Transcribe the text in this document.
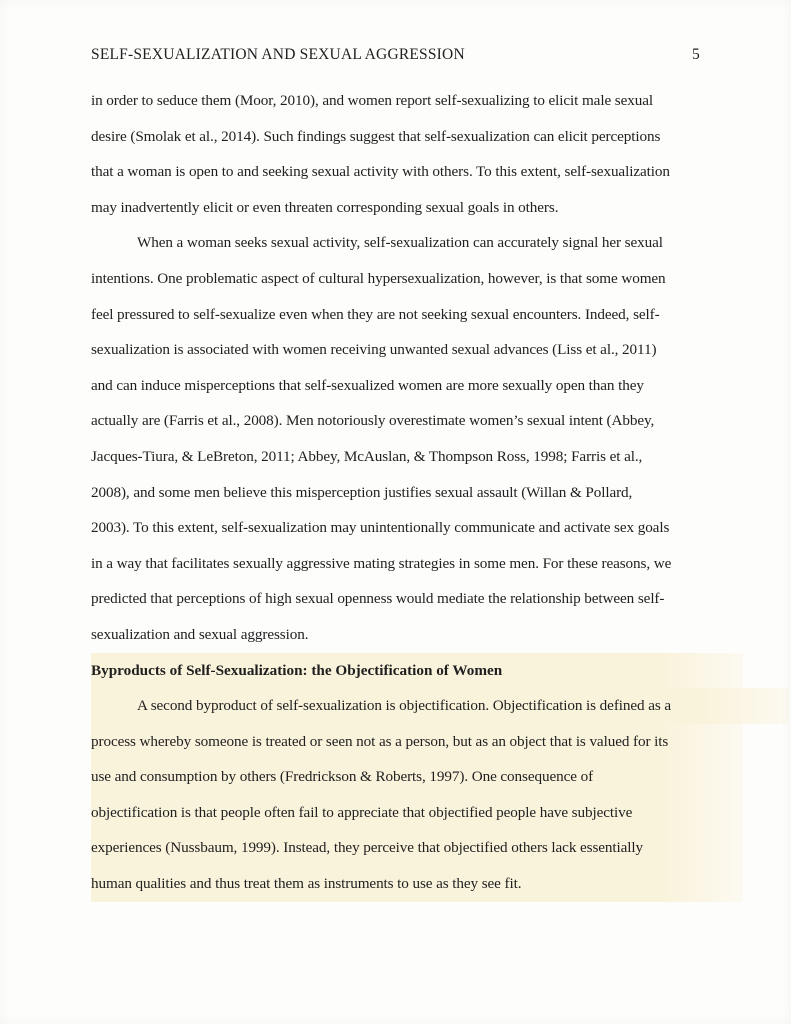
SELF-SEXUALIZATION AND SEXUAL AGGRESSION	5
in order to seduce them (Moor, 2010), and women report self-sexualizing to elicit male sexual
desire (Smolak et al., 2014). Such findings suggest that self-sexualization can elicit perceptions
that a woman is open to and seeking sexual activity with others. To this extent, self-sexualization
may inadvertently elicit or even threaten corresponding sexual goals in others.
When a woman seeks sexual activity, self-sexualization can accurately signal her sexual
intentions. One problematic aspect of cultural hypersexualization, however, is that some women
feel pressured to self-sexualize even when they are not seeking sexual encounters. Indeed, self-
sexualization is associated with women receiving unwanted sexual advances (Liss et al., 2011)
and can induce misperceptions that self-sexualized women are more sexually open than they
actually are (Farris et al., 2008). Men notoriously overestimate women’s sexual intent (Abbey,
Jacques-Tiura, & LeBreton, 2011; Abbey, McAuslan, & Thompson Ross, 1998; Farris et al.,
2008), and some men believe this misperception justifies sexual assault (Willan & Pollard,
2003). To this extent, self-sexualization may unintentionally communicate and activate sex goals
in a way that facilitates sexually aggressive mating strategies in some men. For these reasons, we
predicted that perceptions of high sexual openness would mediate the relationship between self-
sexualization and sexual aggression.
Byproducts of Self-Sexualization: the Objectification of Women
A second byproduct of self-sexualization is objectification. Objectification is defined as a
process whereby someone is treated or seen not as a person, but as an object that is valued for its
use and consumption by others (Fredrickson & Roberts, 1997). One consequence of
objectification is that people often fail to appreciate that objectified people have subjective
experiences (Nussbaum, 1999). Instead, they perceive that objectified others lack essentially
human qualities and thus treat them as instruments to use as they see fit.
